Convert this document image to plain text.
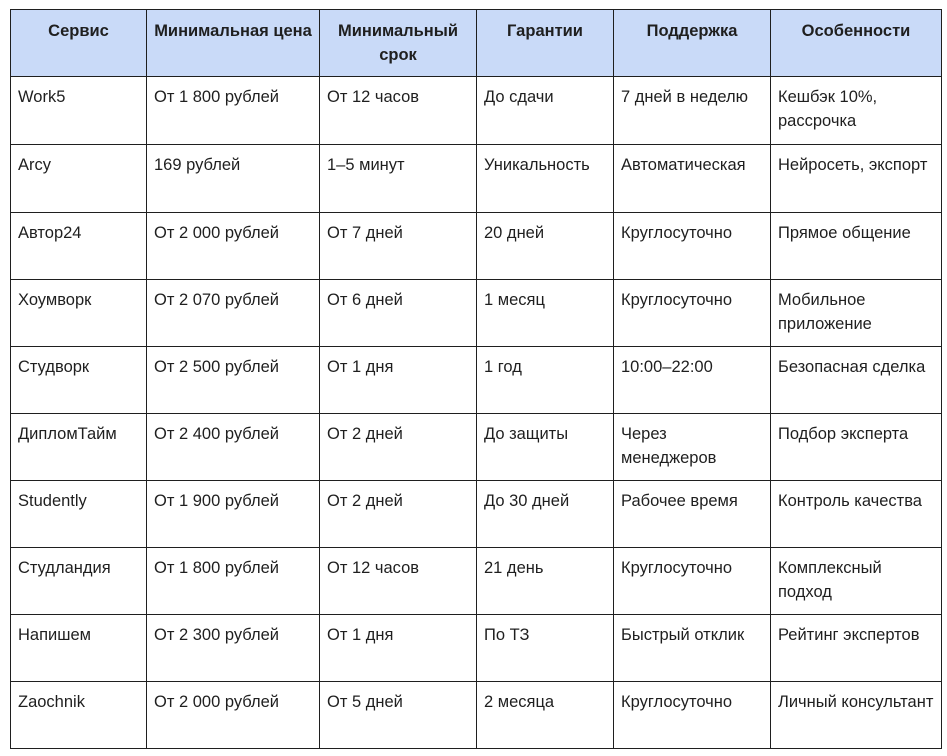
Сервис	Минимальная цена	Минимальный срок	Гарантии	Поддержка	Особенности
Work5	От 1 800 рублей	От 12 часов	До сдачи	7 дней в неделю	Кешбэк 10%, рассрочка
Arcy	169 рублей	1–5 минут	Уникальность	Автоматическая	Нейросеть, экспорт
Автор24	От 2 000 рублей	От 7 дней	20 дней	Круглосуточно	Прямое общение
Хоумворк	От 2 070 рублей	От 6 дней	1 месяц	Круглосуточно	Мобильное приложение
Студворк	От 2 500 рублей	От 1 дня	1 год	10:00–22:00	Безопасная сделка
ДипломТайм	От 2 400 рублей	От 2 дней	До защиты	Через менеджеров	Подбор эксперта
Studently	От 1 900 рублей	От 2 дней	До 30 дней	Рабочее время	Контроль качества
Студландия	От 1 800 рублей	От 12 часов	21 день	Круглосуточно	Комплексный подход
Напишем	От 2 300 рублей	От 1 дня	По ТЗ	Быстрый отклик	Рейтинг экспертов
Zaochnik	От 2 000 рублей	От 5 дней	2 месяца	Круглосуточно	Личный консультант
